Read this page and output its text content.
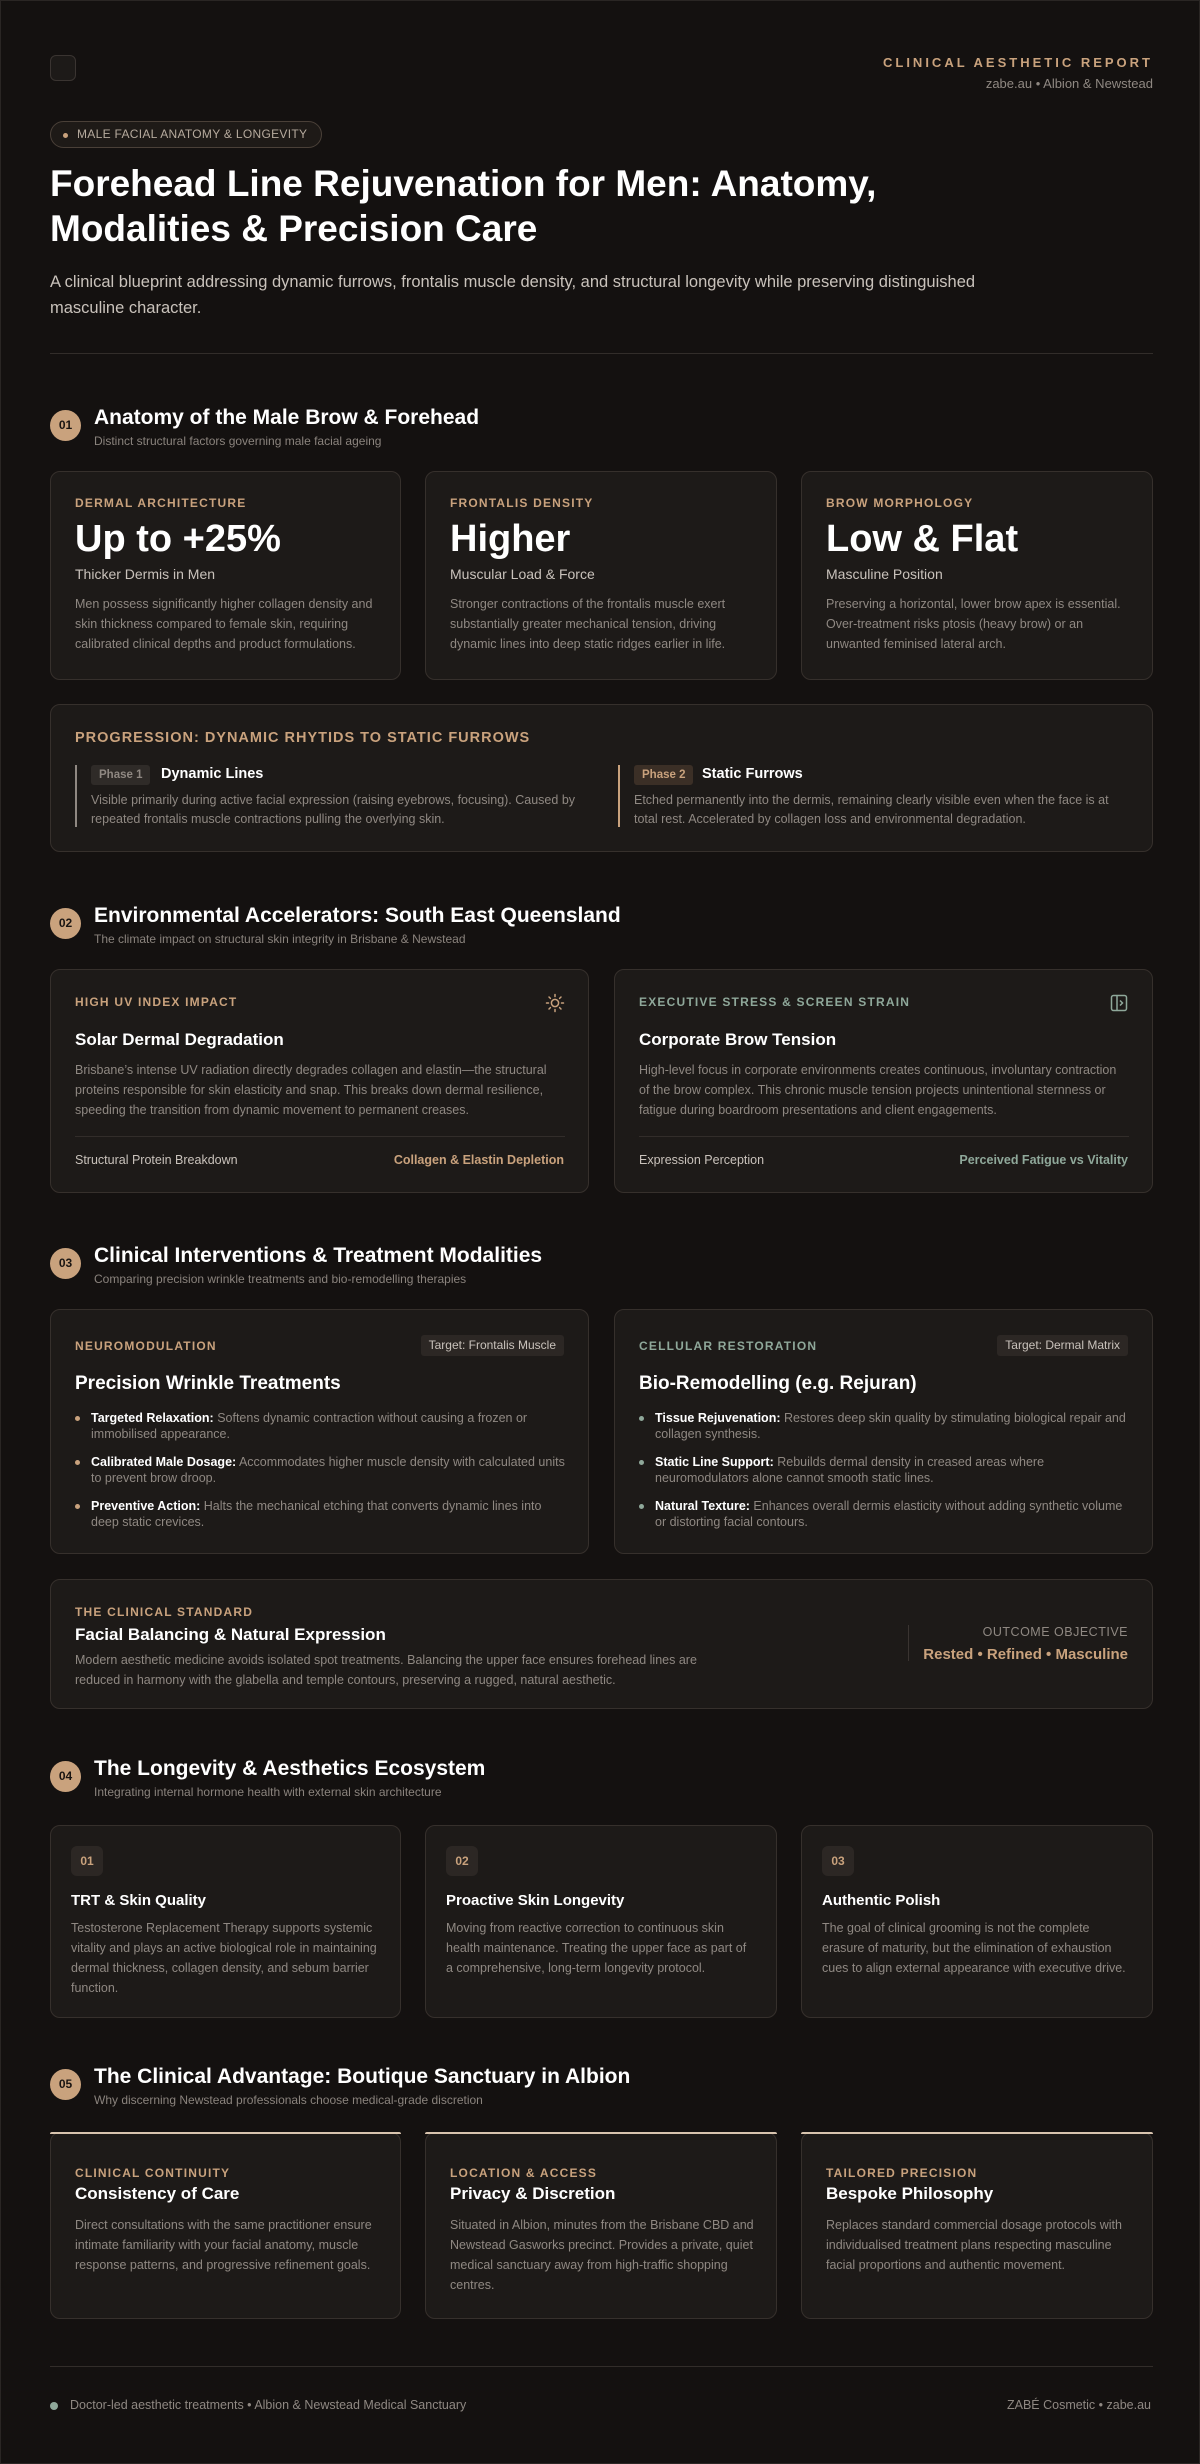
CLINICAL AESTHETIC REPORT
zabe.au • Albion & Newstead
MALE FACIAL ANATOMY & LONGEVITY
Forehead Line Rejuvenation for Men: Anatomy, Modalities & Precision Care

A clinical blueprint addressing dynamic furrows, frontalis muscle density, and structural longevity while preserving distinguished masculine character.

01	Anatomy of the Male Brow & Forehead
Distinct structural factors governing male facial ageing
DERMAL ARCHITECTURE
Up to +25%
Thicker Dermis in Men
Men possess significantly higher collagen density and skin thickness compared to female skin, requiring calibrated clinical depths and product formulations.
FRONTALIS DENSITY
Higher
Muscular Load & Force
Stronger contractions of the frontalis muscle exert substantially greater mechanical tension, driving dynamic lines into deep static ridges earlier in life.
BROW MORPHOLOGY
Low & Flat
Masculine Position
Preserving a horizontal, lower brow apex is essential. Over-treatment risks ptosis (heavy brow) or an unwanted feminised lateral arch.
PROGRESSION: DYNAMIC RHYTIDS TO STATIC FURROWS
Phase 1	Dynamic Lines
Visible primarily during active facial expression (raising eyebrows, focusing). Caused by repeated frontalis muscle contractions pulling the overlying skin.
Phase 2	Static Furrows
Etched permanently into the dermis, remaining clearly visible even when the face is at total rest. Accelerated by collagen loss and environmental degradation.
02	Environmental Accelerators: South East Queensland
The climate impact on structural skin integrity in Brisbane & Newstead
HIGH UV INDEX IMPACT
Solar Dermal Degradation
Brisbane’s intense UV radiation directly degrades collagen and elastin—the structural proteins responsible for skin elasticity and snap. This breaks down dermal resilience, speeding the transition from dynamic movement to permanent creases.
Structural Protein Breakdown	Collagen & Elastin Depletion
EXECUTIVE STRESS & SCREEN STRAIN
Corporate Brow Tension
High-level focus in corporate environments creates continuous, involuntary contraction of the brow complex. This chronic muscle tension projects unintentional sternness or fatigue during boardroom presentations and client engagements.
Expression Perception	Perceived Fatigue vs Vitality
03	Clinical Interventions & Treatment Modalities
Comparing precision wrinkle treatments and bio-remodelling therapies
NEUROMODULATION	Target: Frontalis Muscle
Precision Wrinkle Treatments
Targeted Relaxation: Softens dynamic contraction without causing a frozen or immobilised appearance.
Calibrated Male Dosage: Accommodates higher muscle density with calculated units to prevent brow droop.
Preventive Action: Halts the mechanical etching that converts dynamic lines into deep static crevices.
CELLULAR RESTORATION	Target: Dermal Matrix
Bio-Remodelling (e.g. Rejuran)
Tissue Rejuvenation: Restores deep skin quality by stimulating biological repair and collagen synthesis.
Static Line Support: Rebuilds dermal density in creased areas where neuromodulators alone cannot smooth static lines.
Natural Texture: Enhances overall dermis elasticity without adding synthetic volume or distorting facial contours.
THE CLINICAL STANDARD
Facial Balancing & Natural Expression
Modern aesthetic medicine avoids isolated spot treatments. Balancing the upper face ensures forehead lines are reduced in harmony with the glabella and temple contours, preserving a rugged, natural aesthetic.
OUTCOME OBJECTIVE
Rested • Refined • Masculine
04	The Longevity & Aesthetics Ecosystem
Integrating internal hormone health with external skin architecture
01
TRT & Skin Quality
Testosterone Replacement Therapy supports systemic vitality and plays an active biological role in maintaining dermal thickness, collagen density, and sebum barrier function.
02
Proactive Skin Longevity
Moving from reactive correction to continuous skin health maintenance. Treating the upper face as part of a comprehensive, long-term longevity protocol.
03
Authentic Polish
The goal of clinical grooming is not the complete erasure of maturity, but the elimination of exhaustion cues to align external appearance with executive drive.
05	The Clinical Advantage: Boutique Sanctuary in Albion
Why discerning Newstead professionals choose medical-grade discretion
CLINICAL CONTINUITY
Consistency of Care
Direct consultations with the same practitioner ensure intimate familiarity with your facial anatomy, muscle response patterns, and progressive refinement goals.
LOCATION & ACCESS
Privacy & Discretion
Situated in Albion, minutes from the Brisbane CBD and Newstead Gasworks precinct. Provides a private, quiet medical sanctuary away from high-traffic shopping centres.
TAILORED PRECISION
Bespoke Philosophy
Replaces standard commercial dosage protocols with individualised treatment plans respecting masculine facial proportions and authentic movement.
Doctor-led aesthetic treatments • Albion & Newstead Medical Sanctuary	ZABÉ Cosmetic • zabe.au
